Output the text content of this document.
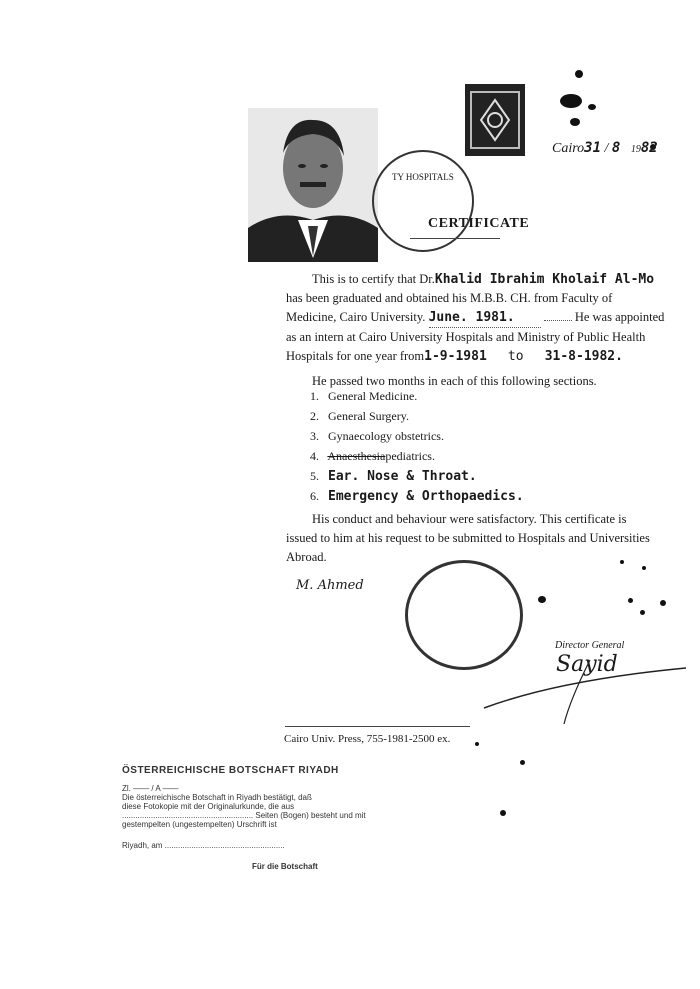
TY HOSPITALS
Cairo31 / 8 1982
CERTIFICATE
This is to certify that Dr.Khalid Ibrahim Kholaif Al-Mo
has been graduated and obtained his M.B.B. CH. from Faculty of
Medicine, Cairo University. June. 1981.	He was appointed
as an intern at Cairo University Hospitals and Ministry of Public Health
Hospitals for one year from1-9-1981 to 31-8-1982.
He passed two months in each of this following sections.
1. General Medicine.
2. General Surgery.
3. Gynaecology obstetrics.
4. Anaesthesiapediatrics.
5. Ear. Nose & Throat.
6. Emergency & Orthopaedics.
His conduct and behaviour were satisfactory. This certificate is
issued to him at his request to be submitted to Hospitals and Universities
Abroad.
M. Ahmed
Director General
Sayid
Cairo Univ. Press, 755-1981-2500 ex.
ÖSTERREICHISCHE BOTSCHAFT RIYADH
Zl. —— / A ——
Die österreichische Botschaft in Riyadh bestätigt, daß
diese Fotokopie mit der Originalurkunde, die aus
........................................................... Seiten (Bogen) besteht und mit
gestempelten (ungestempelten) Urschrift ist
Riyadh, am ......................................................
Für die Botschaft
